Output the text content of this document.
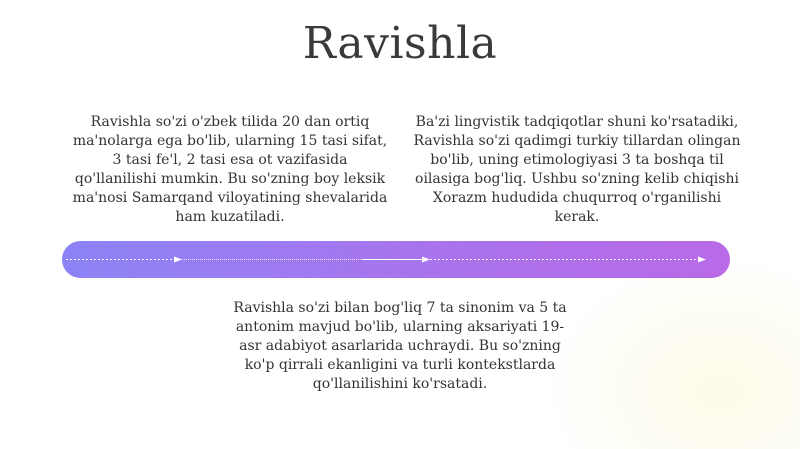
Ravishla
Ravishla so'zi o'zbek tilida 20 dan ortiq ma'nolarga ega bo'lib, ularning 15 tasi sifat, 3 tasi fe'l, 2 tasi esa ot vazifasida qo'llanilishi mumkin. Bu so'zning boy leksik ma'nosi Samarqand viloyatining shevalarida ham kuzatiladi.
Ba'zi lingvistik tadqiqotlar shuni ko'rsatadiki, Ravishla so'zi qadimgi turkiy tillardan olingan bo'lib, uning etimologiyasi 3 ta boshqa til oilasiga bog'liq. Ushbu so'zning kelib chiqishi Xorazm hududida chuqurroq o'rganilishi kerak.
Ravishla so'zi bilan bog'liq 7 ta sinonim va 5 ta antonim mavjud bo'lib, ularning aksariyati 19-asr adabiyot asarlarida uchraydi. Bu so'zning ko'p qirrali ekanligini va turli kontekstlarda qo'llanilishini ko'rsatadi.
